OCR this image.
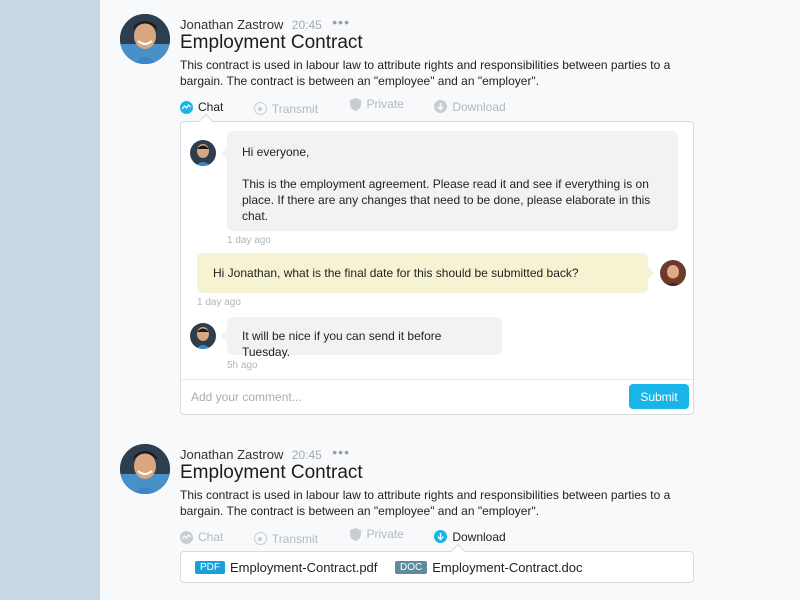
Jonathan Zastrow 20:45 •••
Employment Contract
This contract is used in labour law to attribute rights and responsibilities between parties to a bargain. The contract is between an "employee" and an "employer".
Chat
	Transmit
	Private
	Download
Hi everyone,
This is the employment agreement. Please read it and see if everything is on place. If there are any changes that need to be done, please elaborate in this chat.
1 day ago
Hi Jonathan, what is the final date for this should be submitted back?
1 day ago
It will be nice if you can send it before Tuesday.
5h ago
Add your comment...
Submit
Jonathan Zastrow 20:45 •••
Employment Contract
This contract is used in labour law to attribute rights and responsibilities between parties to a bargain. The contract is between an "employee" and an "employer".
Chat
	Transmit
	Private
	Download
PDF Employment-Contract.pdf	DOC Employment-Contract.doc
